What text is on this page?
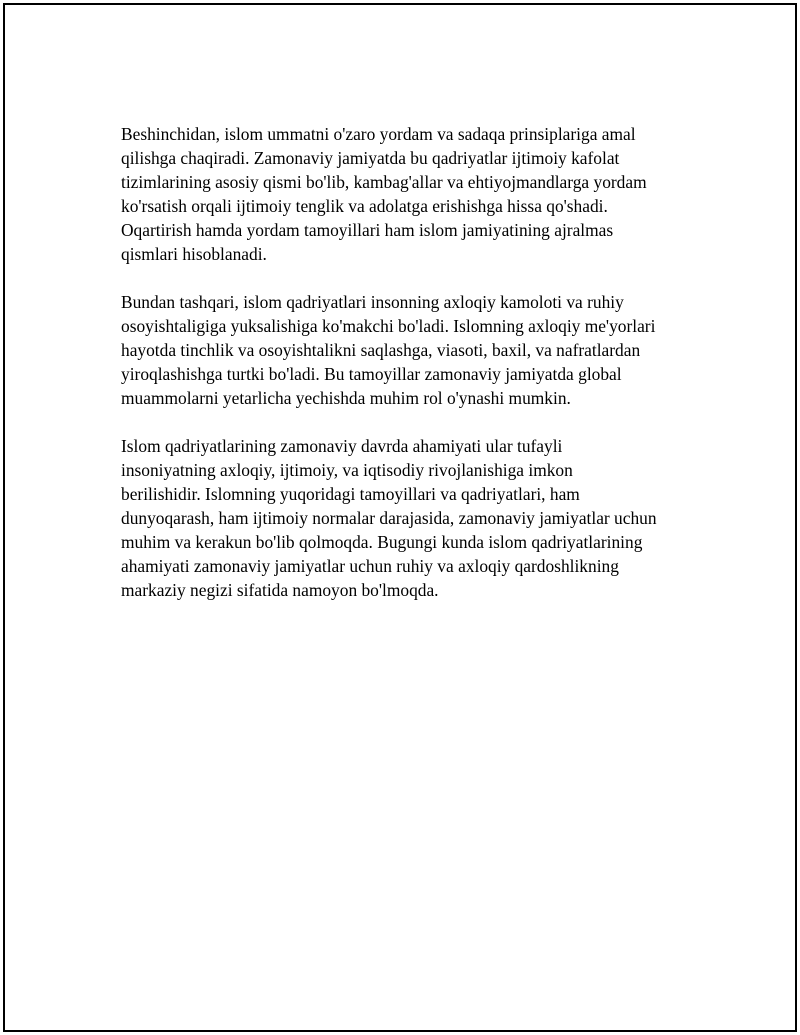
Beshinchidan, islom ummatni o'zaro yordam va sadaqa prinsiplariga amal
qilishga chaqiradi. Zamonaviy jamiyatda bu qadriyatlar ijtimoiy kafolat
tizimlarining asosiy qismi bo'lib, kambag'allar va ehtiyojmandlarga yordam
ko'rsatish orqali ijtimoiy tenglik va adolatga erishishga hissa qo'shadi.
Oqartirish hamda yordam tamoyillari ham islom jamiyatining ajralmas
qismlari hisoblanadi.

Bundan tashqari, islom qadriyatlari insonning axloqiy kamoloti va ruhiy
osoyishtaligiga yuksalishiga ko'makchi bo'ladi. Islomning axloqiy me'yorlari
hayotda tinchlik va osoyishtalikni saqlashga, viasoti, baxil, va nafratlardan
yiroqlashishga turtki bo'ladi. Bu tamoyillar zamonaviy jamiyatda global
muammolarni yetarlicha yechishda muhim rol o'ynashi mumkin.

Islom qadriyatlarining zamonaviy davrda ahamiyati ular tufayli
insoniyatning axloqiy, ijtimoiy, va iqtisodiy rivojlanishiga imkon
berilishidir. Islomning yuqoridagi tamoyillari va qadriyatlari, ham
dunyoqarash, ham ijtimoiy normalar darajasida, zamonaviy jamiyatlar uchun
muhim va kerakun bo'lib qolmoqda. Bugungi kunda islom qadriyatlarining
ahamiyati zamonaviy jamiyatlar uchun ruhiy va axloqiy qardoshlikning
markaziy negizi sifatida namoyon bo'lmoqda.
